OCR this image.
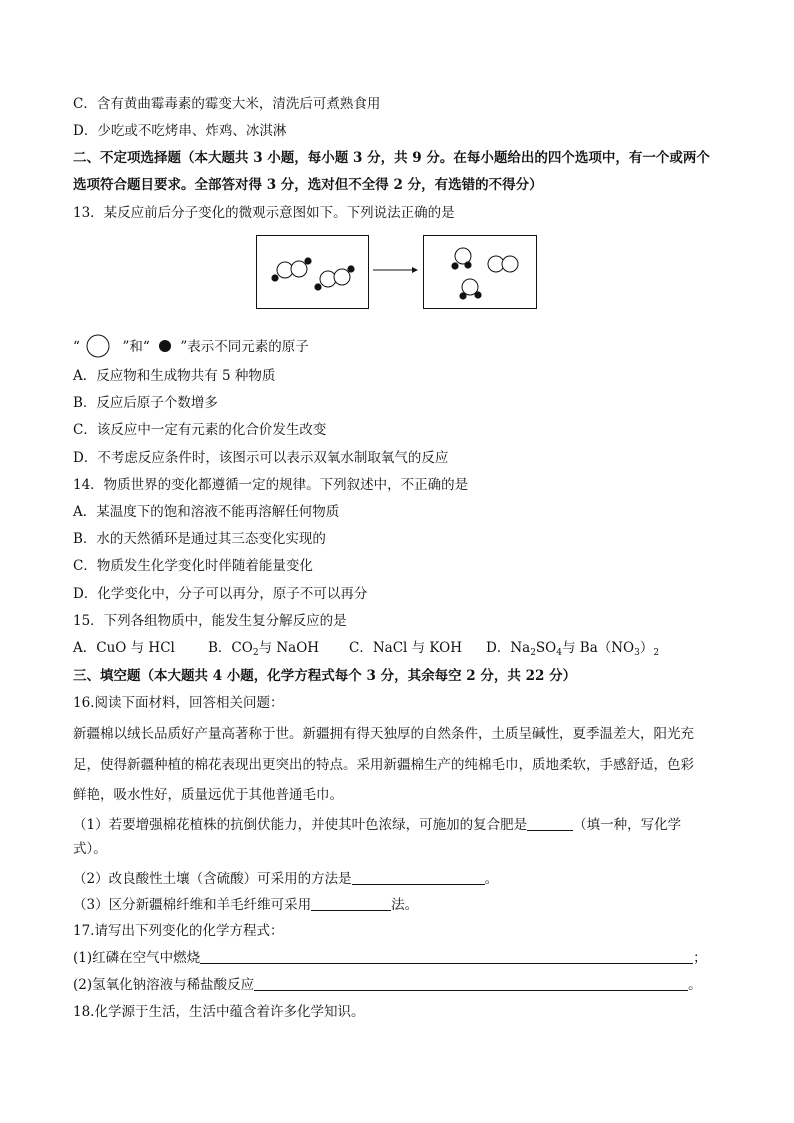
C．含有黄曲霉毒素的霉变大米，清洗后可煮熟食用
D．少吃或不吃烤串、炸鸡、冰淇淋
二、不定项选择题（本大题共 3 小题，每小题 3 分，共 9 分。在每小题给出的四个选项中，有一个或两个
选项符合题目要求。全部答对得 3 分，选对但不全得 2 分，有选错的不得分）
13．某反应前后分子变化的微观示意图如下。下列说法正确的是
“	”和“ ”表示不同元素的原子
A．反应物和生成物共有 5 种物质
B．反应后原子个数增多
C．该反应中一定有元素的化合价发生改变
D．不考虑反应条件时，该图示可以表示双氧水制取氧气的反应
14．物质世界的变化都遵循一定的规律。下列叙述中，不正确的是
A．某温度下的饱和溶液不能再溶解任何物质
B．水的天然循环是通过其三态变化实现的
C．物质发生化学变化时伴随着能量变化
D．化学变化中，分子可以再分，原子不可以再分
15．下列各组物质中，能发生复分解反应的是
A．CuO 与 HCl B．$CO_2$与 NaOH C．NaCl 与 KOH D．$Na_2SO_4$与 $Ba(NO_3)_2$
三、填空题（本大题共 4 小题，化学方程式每个 3 分，其余每空 2 分，共 22 分）
16.阅读下面材料，回答相关问题：
新疆棉以绒长品质好产量高著称于世。新疆拥有得天独厚的自然条件，土质呈碱性，夏季温差大，阳光充
足，使得新疆种植的棉花表现出更突出的特点。采用新疆棉生产的纯棉毛巾，质地柔软，手感舒适，色彩
鲜艳，吸水性好，质量远优于其他普通毛巾。
（1）若要增强棉花植株的抗倒伏能力，并使其叶色浓绿，可施加的复合肥是	（填一种，写化学
式）。
（2）改良酸性土壤（含硫酸）可采用的方法是	。
（3）区分新疆棉纤维和羊毛纤维可采用	法。
17.请写出下列变化的化学方程式：
(1)红磷在空气中燃烧	；
(2)氢氧化钠溶液与稀盐酸反应	。
18.化学源于生活，生活中蕴含着许多化学知识。
